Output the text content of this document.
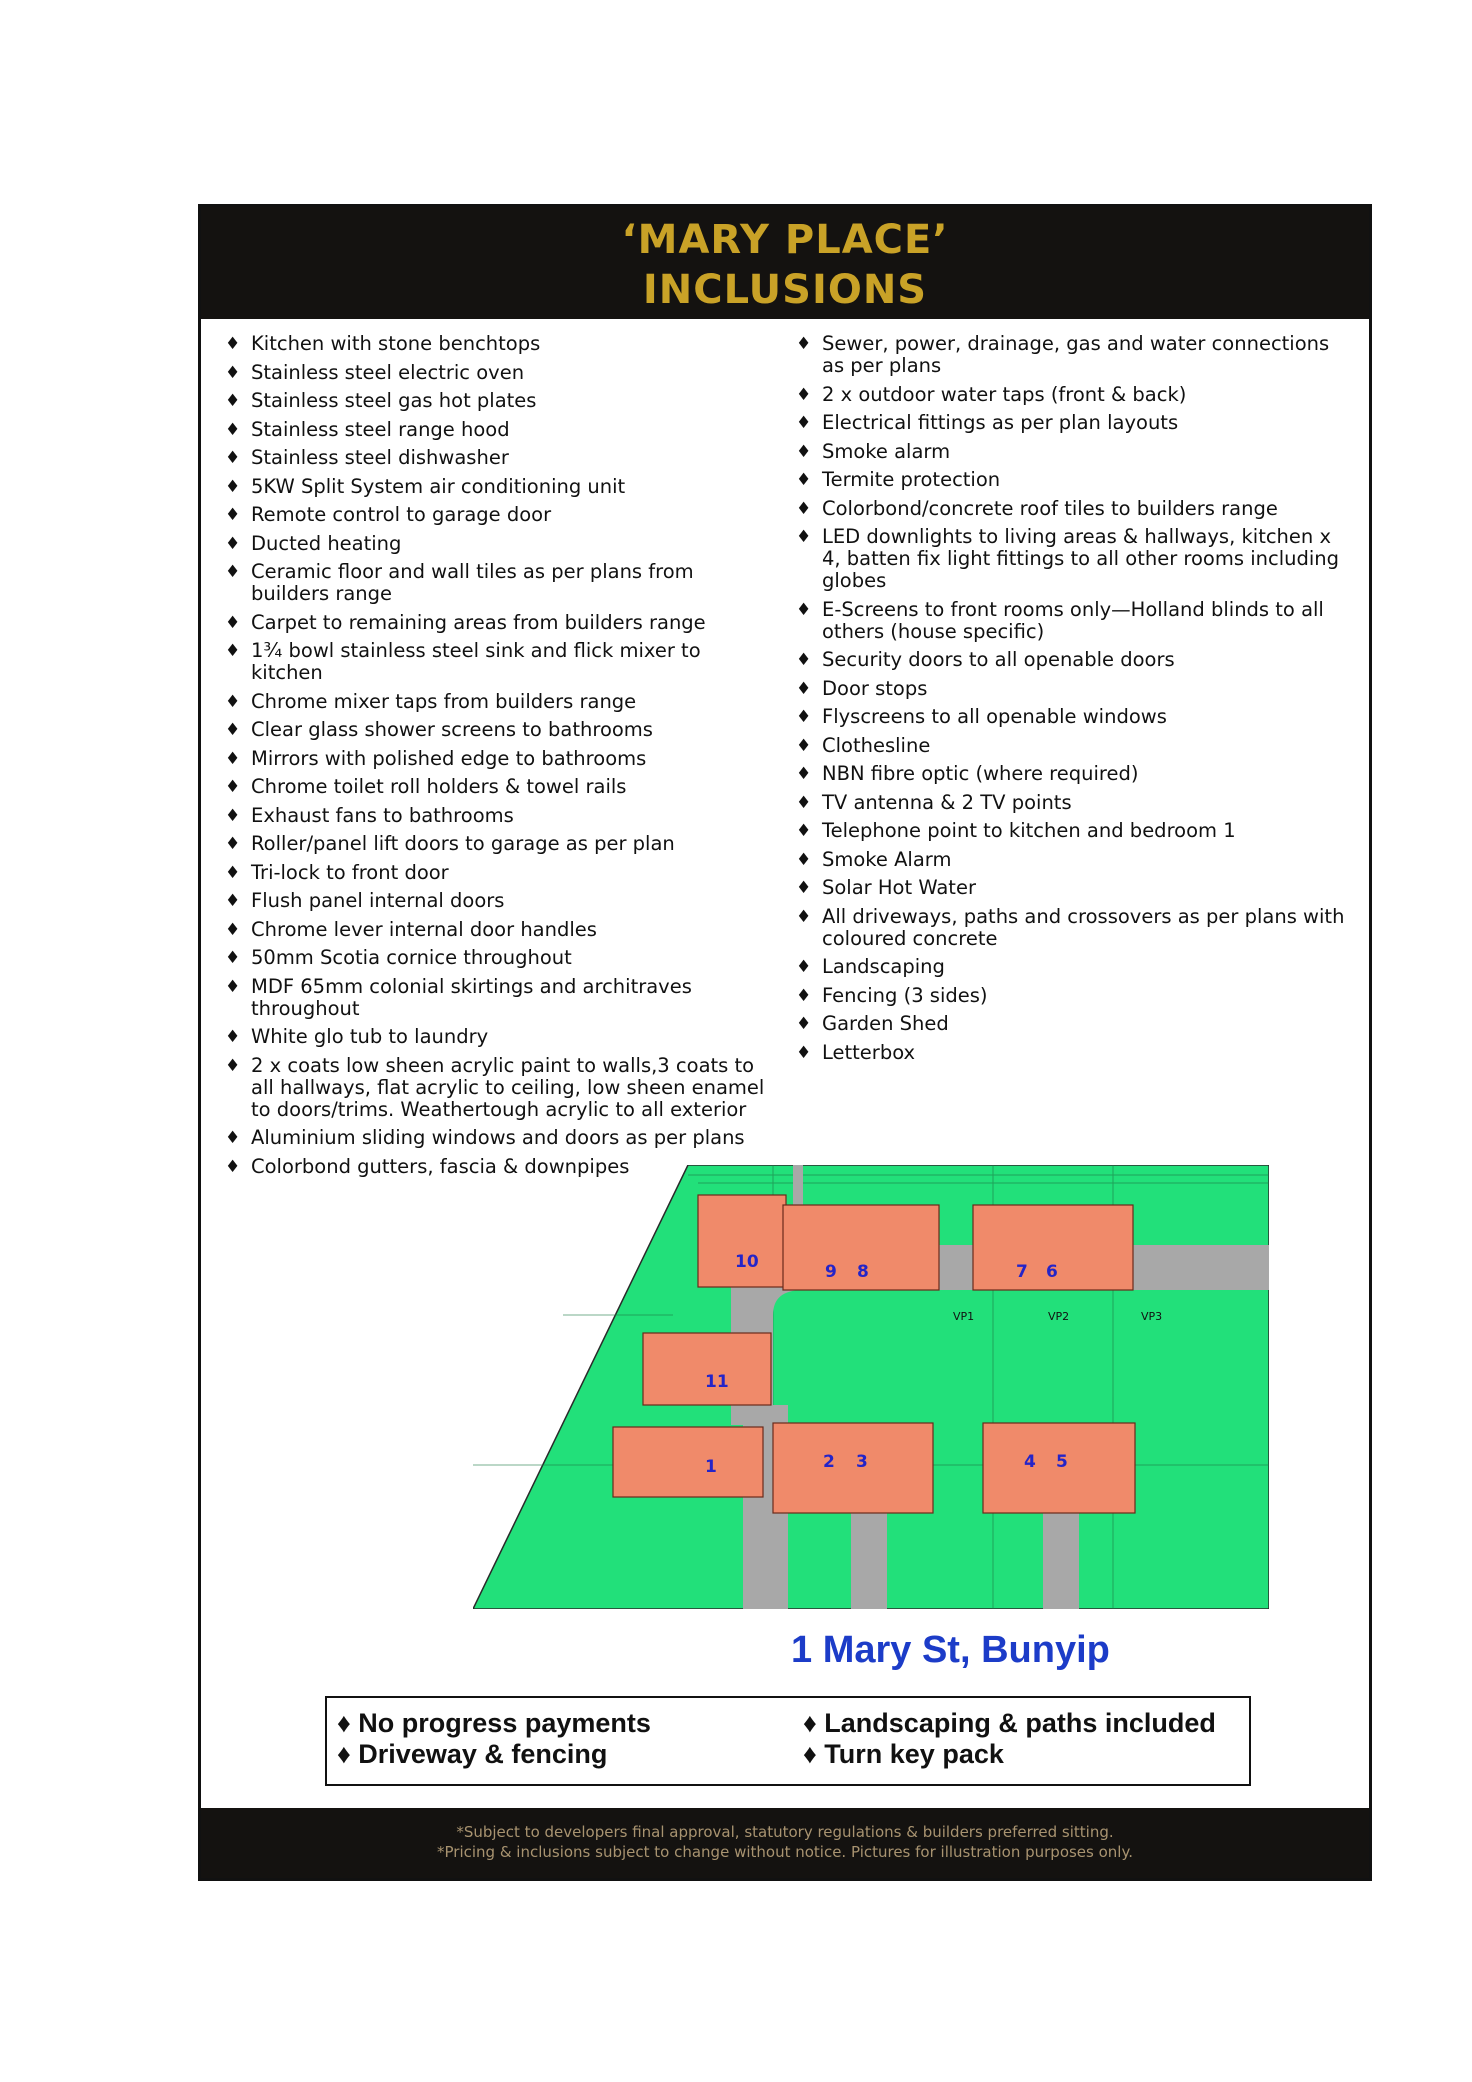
‘MARY PLACE’
INCLUSIONS
♦ Kitchen with stone benchtops
♦ Stainless steel electric oven
♦ Stainless steel gas hot plates
♦ Stainless steel range hood
♦ Stainless steel dishwasher
♦ 5KW Split System air conditioning unit
♦ Remote control to garage door
♦ Ducted heating
♦ Ceramic floor and wall tiles as per plans from builders range
♦ Carpet to remaining areas from builders range
♦ 1¾ bowl stainless steel sink and flick mixer to kitchen
♦ Chrome mixer taps from builders range
♦ Clear glass shower screens to bathrooms
♦ Mirrors with polished edge to bathrooms
♦ Chrome toilet roll holders & towel rails
♦ Exhaust fans to bathrooms
♦ Roller/panel lift doors to garage as per plan
♦ Tri-lock to front door
♦ Flush panel internal doors
♦ Chrome lever internal door handles
♦ 50mm Scotia cornice throughout
♦ MDF 65mm colonial skirtings and architraves throughout
♦ White glo tub to laundry
♦ 2 x coats low sheen acrylic paint to walls,3 coats to all hallways, flat acrylic to ceiling, low sheen enamel to doors/trims. Weathertough acrylic to all exterior
♦ Aluminium sliding windows and doors as per plans
♦ Colorbond gutters, fascia & downpipes
♦ Sewer, power, drainage, gas and water connections as per plans
♦ 2 x outdoor water taps (front & back)
♦ Electrical fittings as per plan layouts
♦ Smoke alarm
♦ Termite protection
♦ Colorbond/concrete roof tiles to builders range
♦ LED downlights to living areas & hallways, kitchen x 4, batten fix light fittings to all other rooms including globes
♦ E-Screens to front rooms only—Holland blinds to all others (house specific)
♦ Security doors to all openable doors
♦ Door stops
♦ Flyscreens to all openable windows
♦ Clothesline
♦ NBN fibre optic (where required)
♦ TV antenna & 2 TV points
♦ Telephone point to kitchen and bedroom 1
♦ Smoke Alarm
♦ Solar Hot Water
♦ All driveways, paths and crossovers as per plans with coloured concrete
♦ Landscaping
♦ Fencing (3 sides)
♦ Garden Shed
♦ Letterbox
10	9 8	7 6
11
1	2 3	4 5
VP1	VP2	VP3
1 Mary St, Bunyip
♦ No progress payments
♦ Driveway & fencing
♦ Landscaping & paths included
♦ Turn key pack
*Subject to developers final approval, statutory regulations & builders preferred sitting.
*Pricing & inclusions subject to change without notice. Pictures for illustration purposes only.
